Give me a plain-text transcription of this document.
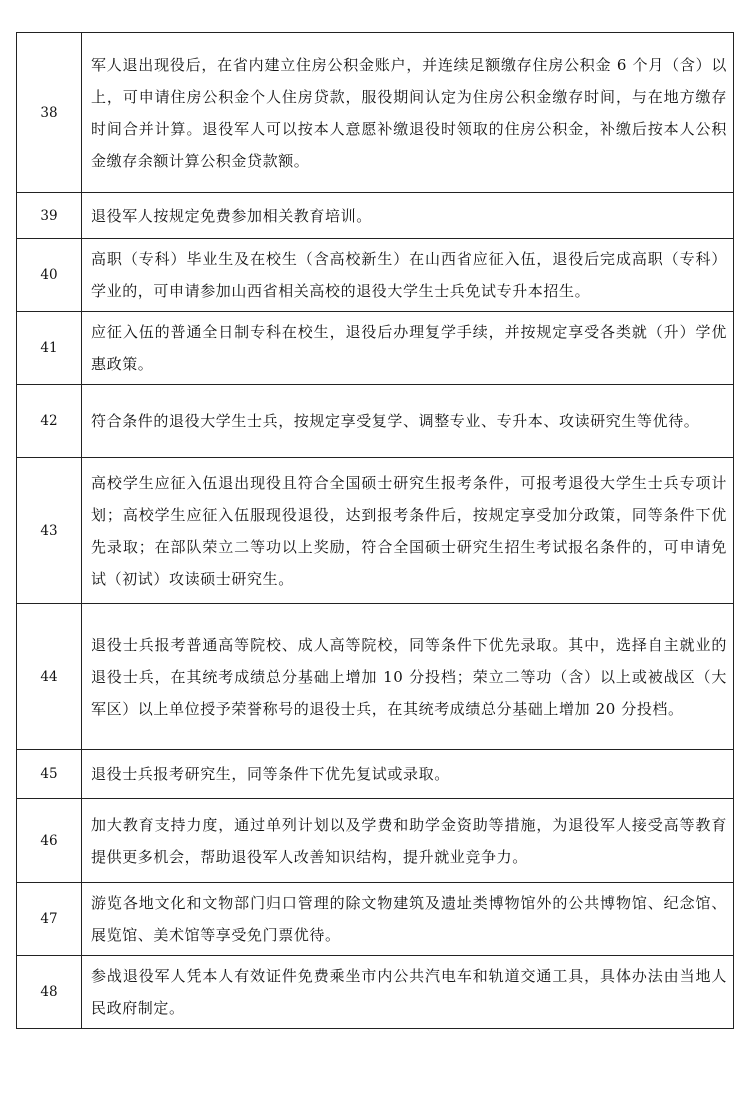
38	军人退出现役后，在省内建立住房公积金账户，并连续足额缴存住房公积金 6 个月（含）以上，可申请住房公积金个人住房贷款，服役期间认定为住房公积金缴存时间，与在地方缴存时间合并计算。退役军人可以按本人意愿补缴退役时领取的住房公积金，补缴后按本人公积金缴存余额计算公积金贷款额。
39	退役军人按规定免费参加相关教育培训。
40	高职（专科）毕业生及在校生（含高校新生）在山西省应征入伍，退役后完成高职（专科）学业的，可申请参加山西省相关高校的退役大学生士兵免试专升本招生。
41	应征入伍的普通全日制专科在校生，退役后办理复学手续，并按规定享受各类就（升）学优惠政策。
42	符合条件的退役大学生士兵，按规定享受复学、调整专业、专升本、攻读研究生等优待。
43	高校学生应征入伍退出现役且符合全国硕士研究生报考条件，可报考退役大学生士兵专项计划；高校学生应征入伍服现役退役，达到报考条件后，按规定享受加分政策，同等条件下优先录取；在部队荣立二等功以上奖励，符合全国硕士研究生招生考试报名条件的，可申请免试（初试）攻读硕士研究生。
44	退役士兵报考普通高等院校、成人高等院校，同等条件下优先录取。其中，选择自主就业的退役士兵，在其统考成绩总分基础上增加 10 分投档；荣立二等功（含）以上或被战区（大军区）以上单位授予荣誉称号的退役士兵，在其统考成绩总分基础上增加 20 分投档。
45	退役士兵报考研究生，同等条件下优先复试或录取。
46	加大教育支持力度，通过单列计划以及学费和助学金资助等措施，为退役军人接受高等教育提供更多机会，帮助退役军人改善知识结构，提升就业竞争力。
47	游览各地文化和文物部门归口管理的除文物建筑及遗址类博物馆外的公共博物馆、纪念馆、展览馆、美术馆等享受免门票优待。
48	参战退役军人凭本人有效证件免费乘坐市内公共汽电车和轨道交通工具，具体办法由当地人民政府制定。
